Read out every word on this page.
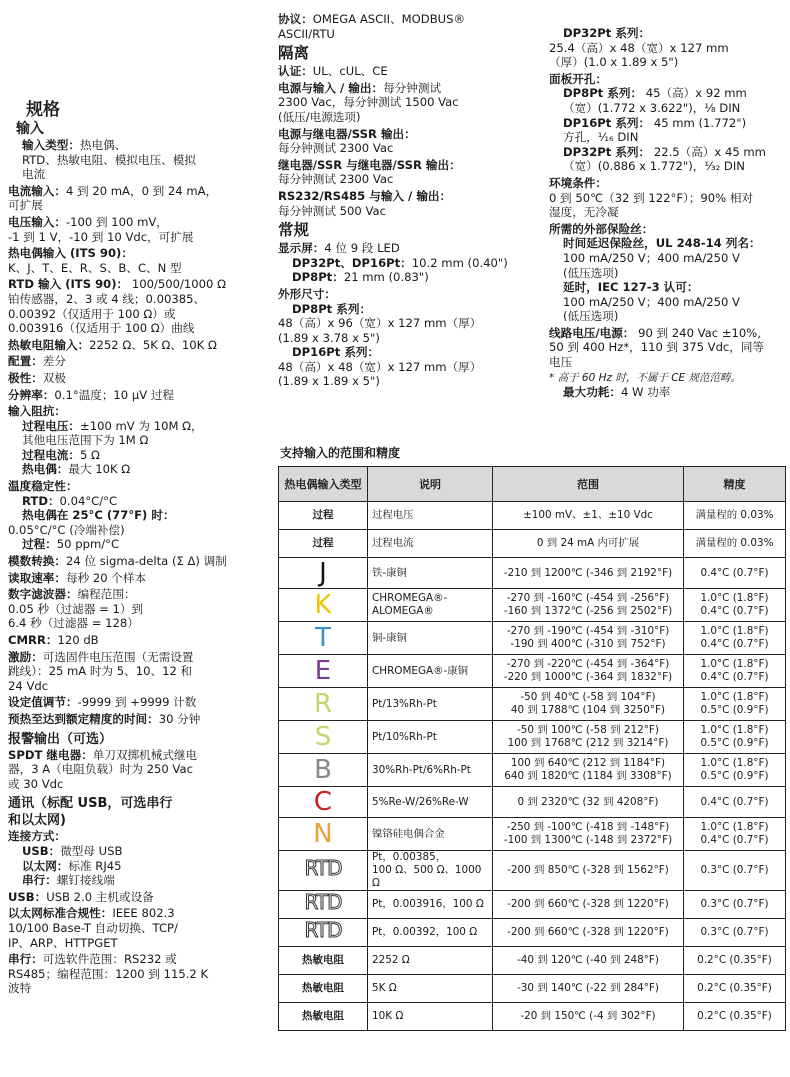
规格
输入
输入类型：热电偶、
RTD、热敏电阻、模拟电压、模拟
电流
电流输入：4 到 20 mA，0 到 24 mA，
可扩展
电压输入：-100 到 100 mV，
-1 到 1 V，-10 到 10 Vdc，可扩展
热电偶输入 (ITS 90)：
K、J、T、E、R、S、B、C、N 型
RTD 输入 (ITS 90)： 100/500/1000 Ω
铂传感器，2、3 或 4 线；0.00385、
0.00392（仅适用于 100 Ω）或
0.003916（仅适用于 100 Ω）曲线
热敏电阻输入：2252 Ω、5K Ω、10K Ω
配置：差分
极性：双极
分辨率：0.1°温度；10 μV 过程
输入阻抗：

过程电压：±100 mV 为 10M Ω，
其他电压范围下为 1M Ω
过程电流：5 Ω
热电偶：最大 10K Ω
温度稳定性：

RTD：0.04°C/°C
热电偶在 25°C (77°F) 时：
0.05°C/°C (冷端补偿)
过程：50 ppm/°C
模数转换：24 位 sigma-delta (Σ Δ) 调制
读取速率：每秒 20 个样本
数字滤波器：编程范围：
0.05 秒（过滤器 = 1）到
6.4 秒（过滤器 = 128）
CMRR：120 dB
激励：可选固件电压范围（无需设置
跳线）：25 mA 时为 5、10、12 和
24 Vdc
设定值调节：-9999 到 +9999 计数
预热至达到额定精度的时间：30 分钟
报警输出（可选）
SPDT 继电器：单刀双掷机械式继电
器，3 A（电阻负载）时为 250 Vac
或 30 Vdc
通讯（标配 USB，可选串行
和以太网)
连接方式：

USB：微型母 USB
以太网：标准 RJ45
串行：螺钉接线端
USB：USB 2.0 主机或设备
以太网标准合规性：IEEE 802.3
10/100 Base-T 自动切换、TCP/
IP、ARP、HTTPGET
串行：可选软件范围：RS232 或
RS485；编程范围：1200 到 115.2 K
波特
协议：OMEGA ASCII、MODBUS®
ASCII/RTU
隔离
认证：UL、cUL、CE
电源与输入 / 输出：每分钟测试
2300 Vac，每分钟测试 1500 Vac
(低压/电源选项)
电源与继电器/SSR 输出：
每分钟测试 2300 Vac
继电器/SSR 与继电器/SSR 输出：
每分钟测试 2300 Vac
RS232/RS485 与输入 / 输出：
每分钟测试 500 Vac
常规
显示屏：4 位 9 段 LED

DP32Pt、DP16Pt：10.2 mm (0.40")
DP8Pt：21 mm (0.83")
外形尺寸：

DP8Pt 系列：
48（高）x 96（宽）x 127 mm（厚）
(1.89 x 3.78 x 5")

DP16Pt 系列：
48（高）x 48（宽）x 127 mm（厚）
(1.89 x 1.89 x 5")
DP32Pt 系列：
25.4（高）x 48（宽）x 127 mm
（厚）(1.0 x 1.89 x 5")
面板开孔：

DP8Pt 系列： 45（高）x 92 mm
（宽）(1.772 x 3.622")，⅛ DIN
DP16Pt 系列： 45 mm (1.772")
方孔，¹⁄₁₆ DIN
DP32Pt 系列： 22.5（高）x 45 mm
（宽）(0.886 x 1.772")，¹⁄₃₂ DIN
环境条件：
0 到 50℃（32 到 122°F）；90% 相对
湿度，无冷凝
所需的外部保险丝：

时间延迟保险丝，UL 248-14 列名：
100 mA/250 V；400 mA/250 V
(低压选项)
延时，IEC 127-3 认可：
100 mA/250 V；400 mA/250 V
(低压选项)
线路电压/电源： 90 到 240 Vac ±10%,
50 到 400 Hz*，110 到 375 Vdc，同等
电压
* 高于 60 Hz 时，不属于 CE 规范范畴。
最大功耗：4 W 功率
支持输入的范围和精度
热电偶输入类型	说明	范围	精度
过程	过程电压	±100 mV、±1、±10 Vdc	满量程的 0.03%
过程	过程电流	0 到 24 mA 内可扩展	满量程的 0.03%
J	铁-康铜	-210 到 1200℃ (-346 到 2192°F)	0.4°C (0.7°F)
K	CHROMEGA®-
ALOMEGA®	-270 到 -160℃ (-454 到 -256°F)
-160 到 1372℃ (-256 到 2502°F)	1.0°C (1.8°F)
0.4°C (0.7°F)
T	铜-康铜	-270 到 -190℃ (-454 到 -310°F)
-190 到 400℃ (-310 到 752°F)	1.0°C (1.8°F)
0.4°C (0.7°F)
E	CHROMEGA®-康铜	-270 到 -220℃ (-454 到 -364°F)
-220 到 1000℃ (-364 到 1832°F)	1.0°C (1.8°F)
0.4°C (0.7°F)
R	Pt/13%Rh-Pt	-50 到 40℃ (-58 到 104°F)
40 到 1788℃ (104 到 3250°F)	1.0°C (1.8°F)
0.5°C (0.9°F)
S	Pt/10%Rh-Pt	-50 到 100℃ (-58 到 212°F)
100 到 1768℃ (212 到 3214°F)	1.0°C (1.8°F)
0.5°C (0.9°F)
B	30%Rh-Pt/6%Rh-Pt	100 到 640℃ (212 到 1184°F)
640 到 1820℃ (1184 到 3308°F)	1.0°C (1.8°F)
0.5°C (0.9°F)
C	5%Re-W/26%Re-W	0 到 2320℃ (32 到 4208°F)	0.4°C (0.7°F)
N	镍铬硅电偶合金	-250 到 -100℃ (-418 到 -148°F)
-100 到 1300℃ (-148 到 2372°F)	1.0°C (1.8°F)
0.4°C (0.7°F)
RTD	Pt，0.00385，
100 Ω、500 Ω、1000 Ω	-200 到 850℃ (-328 到 1562°F)	0.3°C (0.7°F)
RTD	Pt，0.003916，100 Ω	-200 到 660℃ (-328 到 1220°F)	0.3°C (0.7°F)
RTD	Pt，0.00392，100 Ω	-200 到 660℃ (-328 到 1220°F)	0.3°C (0.7°F)
热敏电阻	2252 Ω	-40 到 120℃ (-40 到 248°F)	0.2°C (0.35°F)
热敏电阻	5K Ω	-30 到 140℃ (-22 到 284°F)	0.2°C (0.35°F)
热敏电阻	10K Ω	-20 到 150℃ (-4 到 302°F)	0.2°C (0.35°F)
